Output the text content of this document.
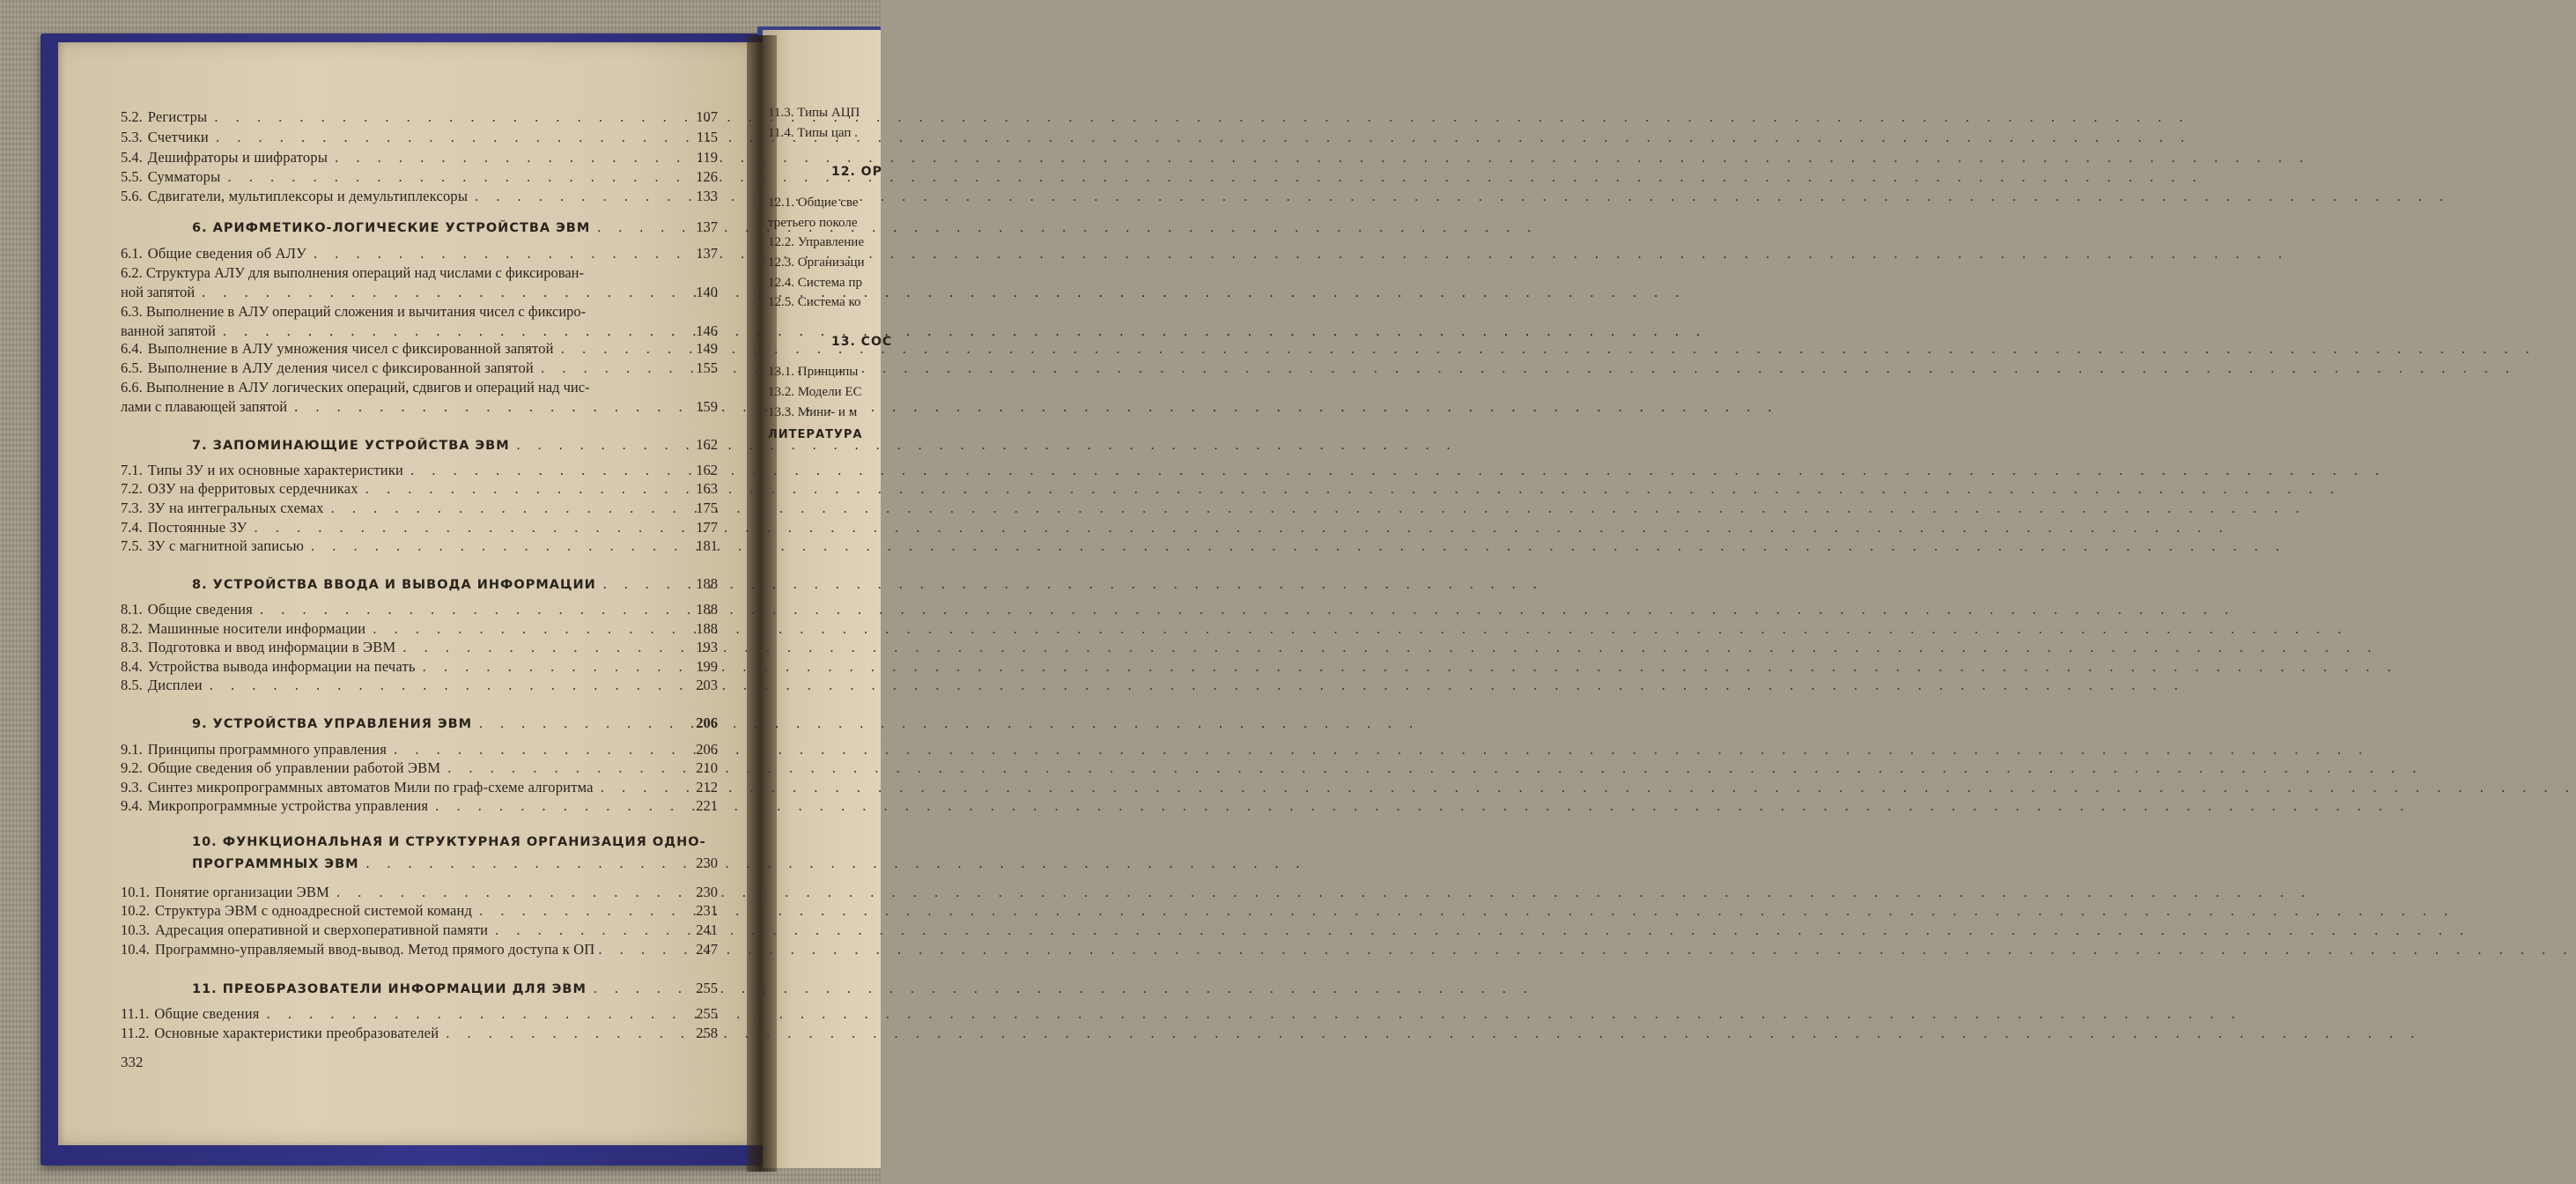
5.2. Регистры . . .	107
5.3. Счетчики . . .	115
5.4. Дешифраторы и шифраторы . . .	119
5.5. Сумматоры . . .	126
5.6. Сдвигатели, мультиплексоры и демультиплексоры . . .	133
6. АРИФМЕТИКО-ЛОГИЧЕСКИЕ УСТРОЙСТВА ЭВМ . . .	137
6.1. Общие сведения об АЛУ . . .	137
6.2. Структура АЛУ для выполнения операций над числами с фиксирован-
ной запятой . . .	140
6.3. Выполнение в АЛУ операций сложения и вычитания чисел с фиксиро-
ванной запятой . . .	146
6.4. Выполнение в АЛУ умножения чисел с фиксированной запятой . . .	149
6.5. Выполнение в АЛУ деления чисел с фиксированной запятой . . .	155
6.6. Выполнение в АЛУ логических операций, сдвигов и операций над чис-
лами с плавающей запятой . . .	159
7. ЗАПОМИНАЮЩИЕ УСТРОЙСТВА ЭВМ . . .	162
7.1. Типы ЗУ и их основные характеристики . . .	162
7.2. ОЗУ на ферритовых сердечниках . . .	163
7.3. ЗУ на интегральных схемах . . .	175
7.4. Постоянные ЗУ . . .	177
7.5. ЗУ с магнитной записью . . .	181
8. УСТРОЙСТВА ВВОДА И ВЫВОДА ИНФОРМАЦИИ . . .	188
8.1. Общие сведения . . .	188
8.2. Машинные носители информации . . .	188
8.3. Подготовка и ввод информации в ЭВМ . . .	193
8.4. Устройства вывода информации на печать . . .	199
8.5. Дисплеи . . .	203
9. УСТРОЙСТВА УПРАВЛЕНИЯ ЭВМ . . .	206
9.1. Принципы программного управления . . .	206
9.2. Общие сведения об управлении работой ЭВМ . . .	210
9.3. Синтез микропрограммных автоматов Мили по граф-схеме алгоритма . . .	212
9.4. Микропрограммные устройства управления . . .	221
10. ФУНКЦИОНАЛЬНАЯ И СТРУКТУРНАЯ ОРГАНИЗАЦИЯ ОДНО-
ПРОГРАММНЫХ ЭВМ . . .	230
10.1. Понятие организации ЭВМ . . .	230
10.2. Структура ЭВМ с одноадресной системой команд . . .	231
10.3. Адресация оперативной и сверхоперативной памяти . . .	241
10.4. Программно-управляемый ввод-вывод. Метод прямого доступа к ОП . . .	247
11. ПРЕОБРАЗОВАТЕЛИ ИНФОРМАЦИИ ДЛЯ ЭВМ . . .	255
11.1. Общие сведения . . .	255
11.2. Основные характеристики преобразователей . . .	258
332
11.3. Типы АЦП
11.4. Типы цап .
12. ОР
12.1. Общие све
третьего поколе
12.2. Управление
12.3. Организаци
12.4. Система пр
12.5. Система ко
13. СОС
13.1. Принципы
13.2. Модели ЕС
13.3. Мини- и м
ЛИТЕРАТУРА
